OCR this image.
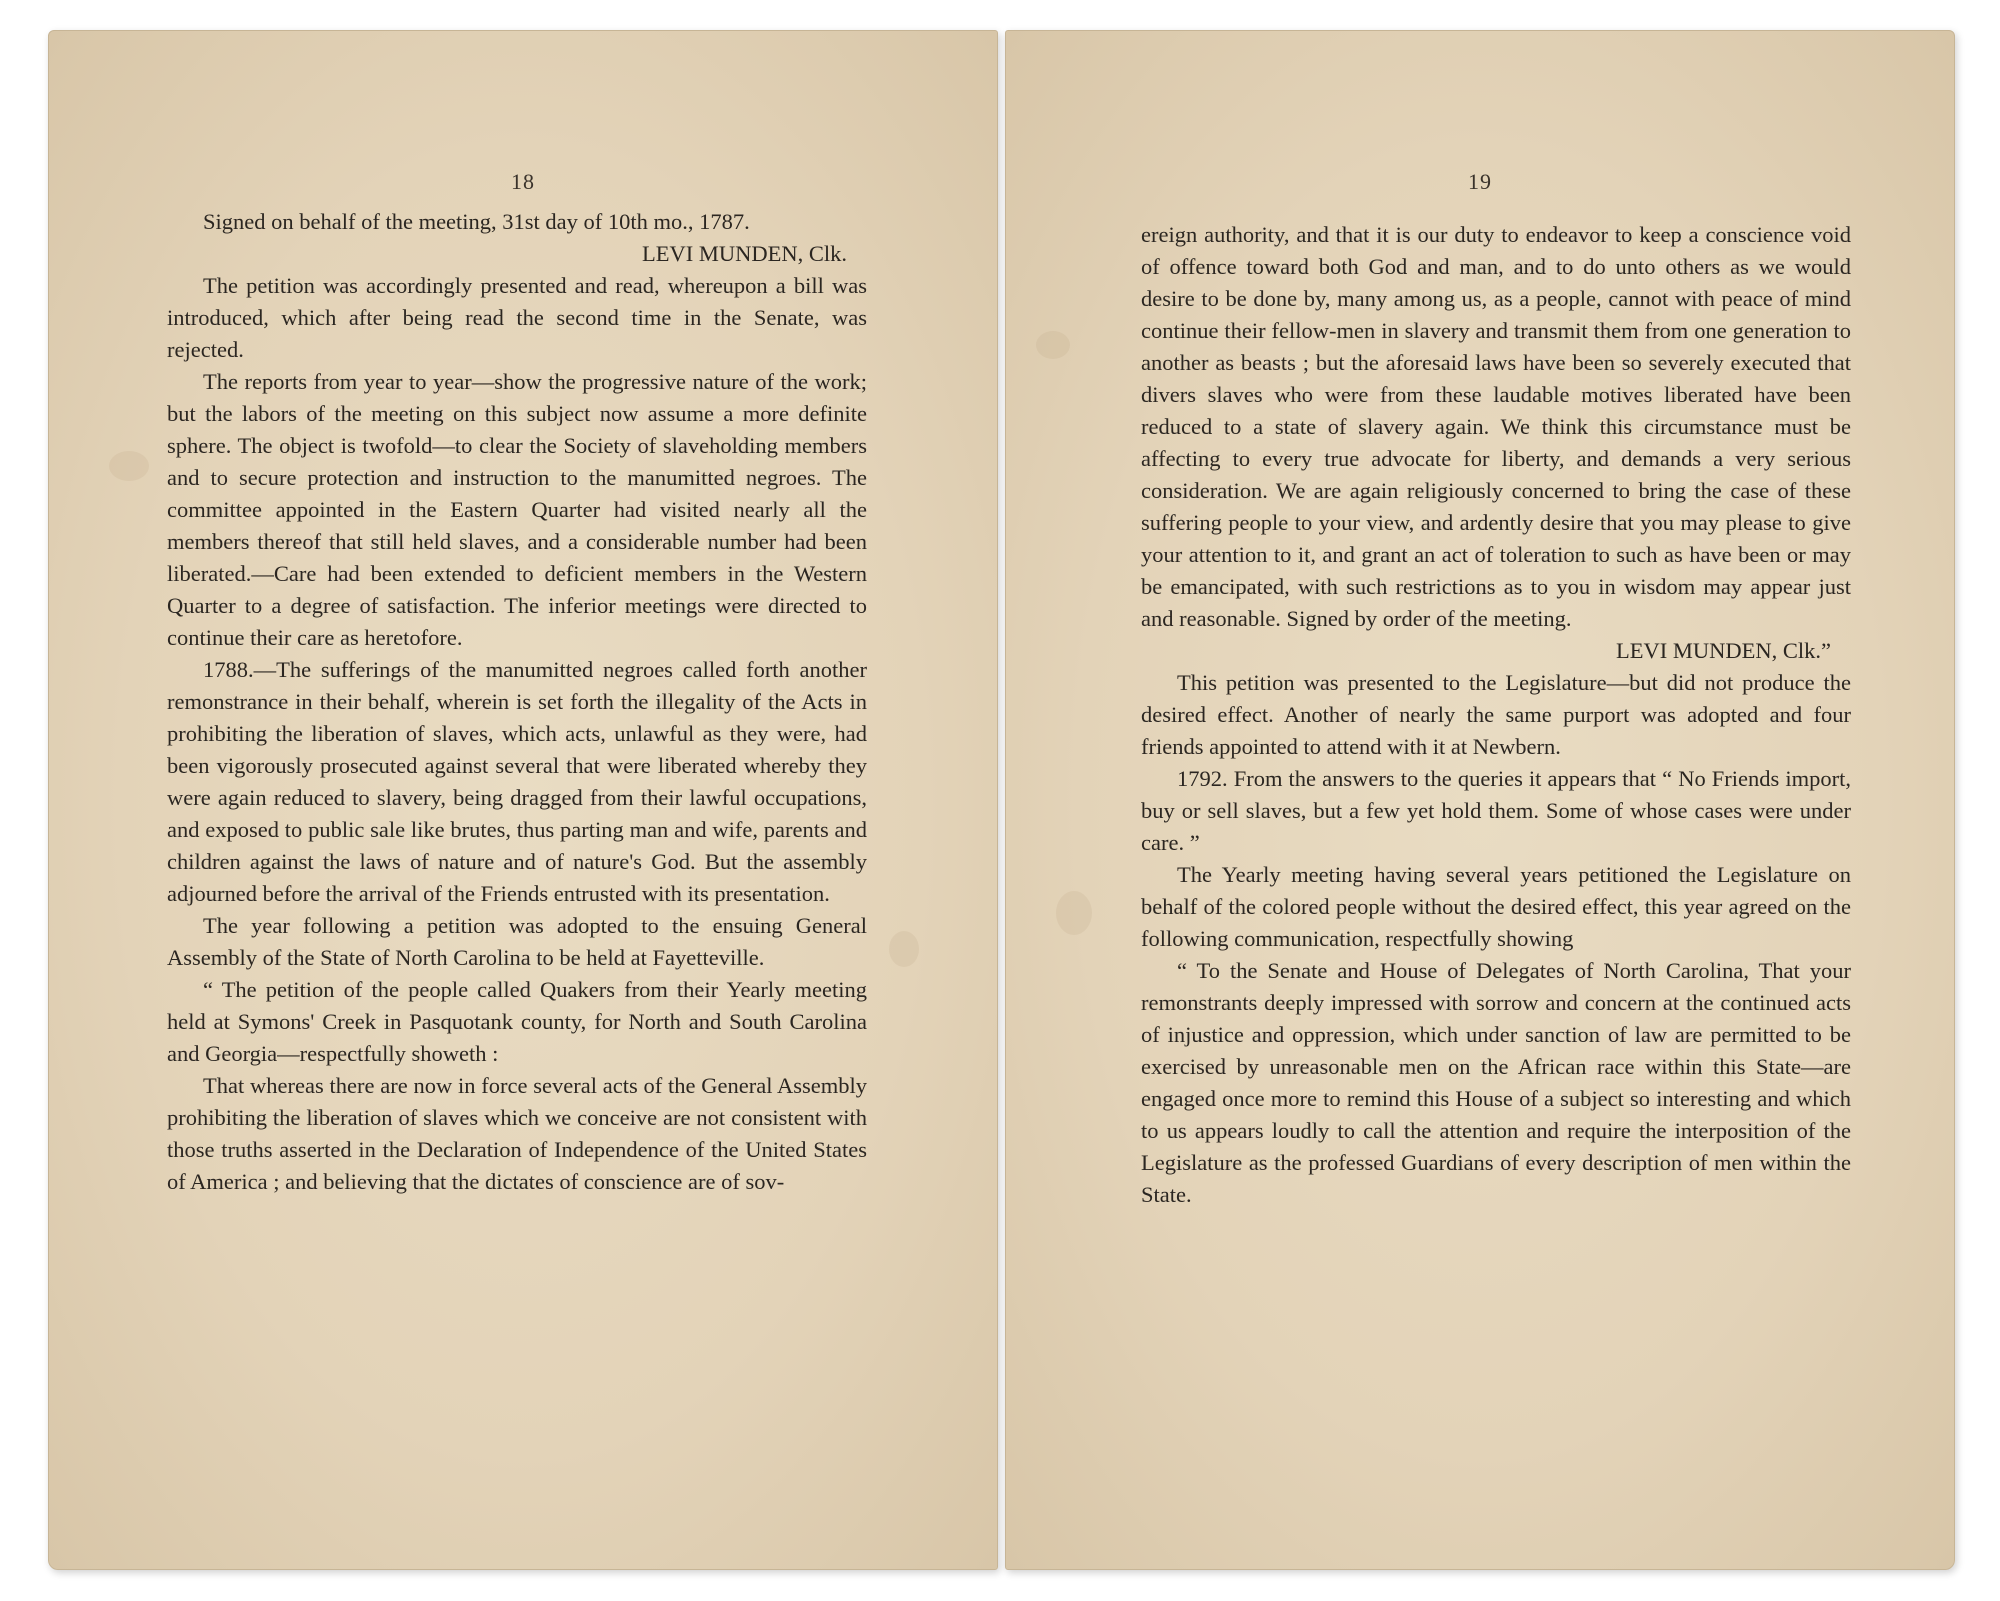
18

Signed on behalf of the meeting, 31st day of 10th mo., 1787.

LEVI MUNDEN, Clk.

The petition was accordingly presented and read, whereupon a bill was introduced, which after being read the second time in the Senate, was rejected.

The reports from year to year—show the progressive nature of the work; but the labors of the meeting on this subject now assume a more definite sphere. The object is twofold—to clear the Society of slaveholding members and to secure protection and instruction to the manumitted negroes. The committee appointed in the Eastern Quarter had visited nearly all the members thereof that still held slaves, and a considerable number had been liberated.—Care had been extended to deficient members in the Western Quarter to a degree of satisfaction. The inferior meetings were directed to continue their care as heretofore.

1788.—The sufferings of the manumitted negroes called forth another remonstrance in their behalf, wherein is set forth the illegality of the Acts in prohibiting the liberation of slaves, which acts, unlawful as they were, had been vigorously prosecuted against several that were liberated whereby they were again reduced to slavery, being dragged from their lawful occupations, and exposed to public sale like brutes, thus parting man and wife, parents and children against the laws of nature and of nature's God. But the assembly adjourned before the arrival of the Friends entrusted with its presentation.

The year following a petition was adopted to the ensuing General Assembly of the State of North Carolina to be held at Fayetteville.

“ The petition of the people called Quakers from their Yearly meeting held at Symons' Creek in Pasquotank county, for North and South Carolina and Georgia—respectfully showeth :

That whereas there are now in force several acts of the General Assembly prohibiting the liberation of slaves which we conceive are not consistent with those truths asserted in the Declaration of Independence of the United States of America ; and believing that the dictates of conscience are of sov-

19

ereign authority, and that it is our duty to endeavor to keep a conscience void of offence toward both God and man, and to do unto others as we would desire to be done by, many among us, as a people, cannot with peace of mind continue their fellow-men in slavery and transmit them from one generation to another as beasts ; but the aforesaid laws have been so severely executed that divers slaves who were from these laudable motives liberated have been reduced to a state of slavery again. We think this circumstance must be affecting to every true advocate for liberty, and demands a very serious consideration. We are again religiously concerned to bring the case of these suffering people to your view, and ardently desire that you may please to give your attention to it, and grant an act of toleration to such as have been or may be emancipated, with such restrictions as to you in wisdom may appear just and reasonable. Signed by order of the meeting.

LEVI MUNDEN, Clk.”

This petition was presented to the Legislature—but did not produce the desired effect. Another of nearly the same purport was adopted and four friends appointed to attend with it at Newbern.

1792. From the answers to the queries it appears that “ No Friends import, buy or sell slaves, but a few yet hold them. Some of whose cases were under care. ”

The Yearly meeting having several years petitioned the Legislature on behalf of the colored people without the desired effect, this year agreed on the following communication, respectfully showing

“ To the Senate and House of Delegates of North Carolina, That your remonstrants deeply impressed with sorrow and concern at the continued acts of injustice and oppression, which under sanction of law are permitted to be exercised by unreasonable men on the African race within this State—are engaged once more to remind this House of a subject so interesting and which to us appears loudly to call the attention and require the interposition of the Legislature as the professed Guardians of every description of men within the State.
